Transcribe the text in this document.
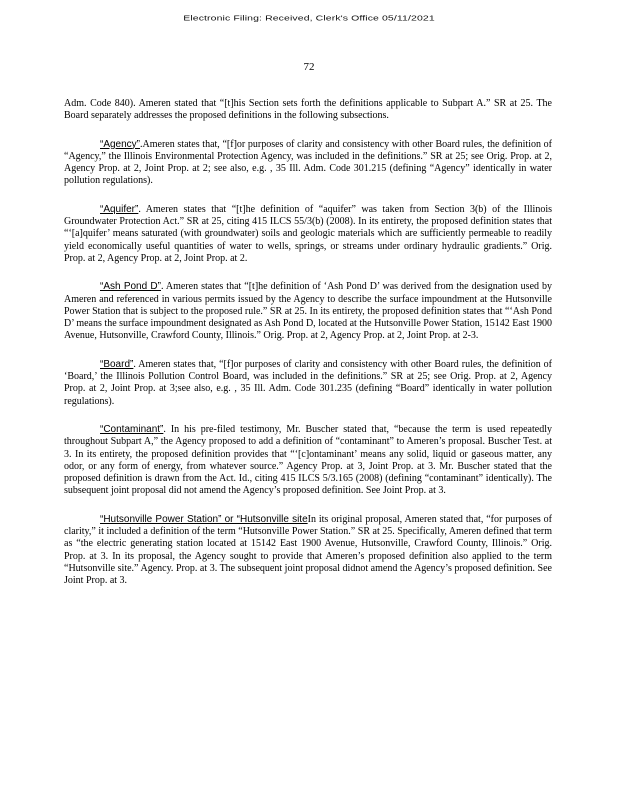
Electronic Filing: Received, Clerk's Office 05/11/2021
72

Adm. Code 840). Ameren stated that “[t]his Section sets forth the definitions applicable to Subpart A.” SR at 25. The Board separately addresses the proposed definitions in the following subsections.

“Agency”.Ameren states that, “[f]or purposes of clarity and consistency with other Board rules, the definition of “Agency,” the Illinois Environmental Protection Agency, was included in the definitions.” SR at 25; see Orig. Prop. at 2, Agency Prop. at 2, Joint Prop. at 2; see also, e.g. , 35 Ill. Adm. Code 301.215 (defining “Agency” identically in water pollution regulations).

“Aquifer”. Ameren states that “[t]he definition of “aquifer” was taken from Section 3(b) of the Illinois Groundwater Protection Act.” SR at 25, citing 415 ILCS 55/3(b) (2008). In its entirety, the proposed definition states that “‘[a]quifer’ means saturated (with groundwater) soils and geologic materials which are sufficiently permeable to readily yield economically useful quantities of water to wells, springs, or streams under ordinary hydraulic gradients.” Orig. Prop. at 2, Agency Prop. at 2, Joint Prop. at 2.

“Ash Pond D”. Ameren states that “[t]he definition of ‘Ash Pond D’ was derived from the designation used by Ameren and referenced in various permits issued by the Agency to describe the surface impoundment at the Hutsonville Power Station that is subject to the proposed rule.” SR at 25. In its entirety, the proposed definition states that “‘Ash Pond D’ means the surface impoundment designated as Ash Pond D, located at the Hutsonville Power Station, 15142 East 1900 Avenue, Hutsonville, Crawford County, Illinois.” Orig. Prop. at 2, Agency Prop. at 2, Joint Prop. at 2-3.

“Board”. Ameren states that, “[f]or purposes of clarity and consistency with other Board rules, the definition of ‘Board,’ the Illinois Pollution Control Board, was included in the definitions.” SR at 25; see Orig. Prop. at 2, Agency Prop. at 2, Joint Prop. at 3;see also, e.g. , 35 Ill. Adm. Code 301.235 (defining “Board” identically in water pollution regulations).

“Contaminant”. In his pre-filed testimony, Mr. Buscher stated that, “because the term is used repeatedly throughout Subpart A,” the Agency proposed to add a definition of “contaminant” to Ameren’s proposal. Buscher Test. at 3. In its entirety, the proposed definition provides that “‘[c]ontaminant’ means any solid, liquid or gaseous matter, any odor, or any form of energy, from whatever source.” Agency Prop. at 3, Joint Prop. at 3. Mr. Buscher stated that the proposed definition is drawn from the Act. Id., citing 415 ILCS 5/3.165 (2008) (defining “contaminant” identically). The subsequent joint proposal did not amend the Agency’s proposed definition. See Joint Prop. at 3.

“Hutsonville Power Station” or “Hutsonville siteIn its original proposal, Ameren stated that, “for purposes of clarity,” it included a definition of the term “Hutsonville Power Station.” SR at 25. Specifically, Ameren defined that term as “the electric generating station located at 15142 East 1900 Avenue, Hutsonville, Crawford County, Illinois.” Orig. Prop. at 3. In its proposal, the Agency sought to provide that Ameren’s proposed definition also applied to the term “Hutsonville site.” Agency. Prop. at 3. The subsequent joint proposal didnot amend the Agency’s proposed definition. See Joint Prop. at 3.
